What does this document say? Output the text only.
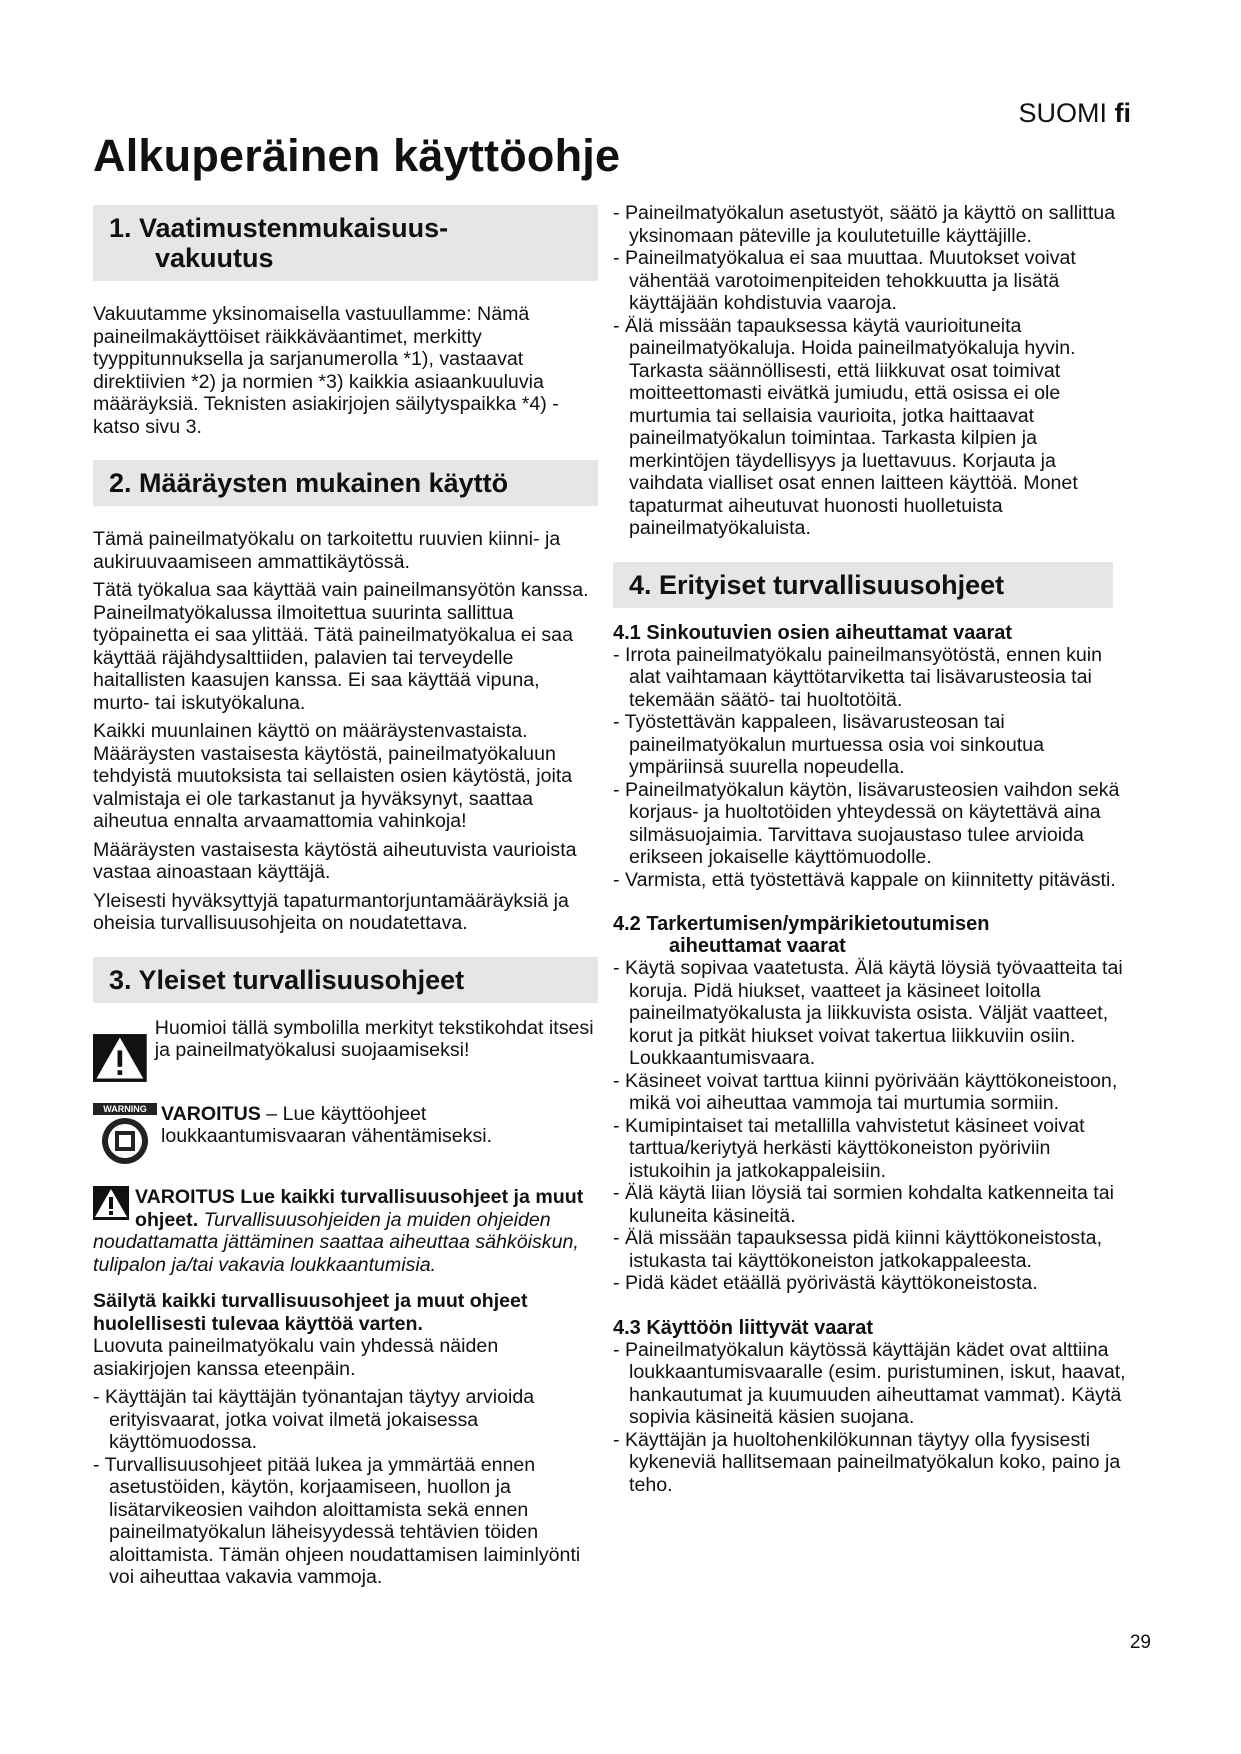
SUOMI fi
Alkuperäinen käyttöohje
1. Vaatimustenmukaisuus-
vakuutus

Vakuutamme yksinomaisella vastuullamme: Nämä paineilmakäyttöiset räikkäväantimet, merkitty tyyppitunnuksella ja sarjanumerolla *1), vastaavat direktiivien *2) ja normien *3) kaikkia asiaankuuluvia määräyksiä. Teknisten asiakirjojen säilytyspaikka *4) - katso sivu 3.

2. Määräysten mukainen käyttö

Tämä paineilmatyökalu on tarkoitettu ruuvien kiinni- ja aukiruuvaamiseen ammattikäytössä.

Tätä työkalua saa käyttää vain paineilmansyötön kanssa. Paineilmatyökalussa ilmoitettua suurinta sallittua työpainetta ei saa ylittää. Tätä paineilmatyökalua ei saa käyttää räjähdysalttiiden, palavien tai terveydelle haitallisten kaasujen kanssa. Ei saa käyttää vipuna, murto- tai iskutyökaluna.

Kaikki muunlainen käyttö on määräystenvastaista. Määräysten vastaisesta käytöstä, paineilmatyökaluun tehdyistä muutoksista tai sellaisten osien käytöstä, joita valmistaja ei ole tarkastanut ja hyväksynyt, saattaa aiheutua ennalta arvaamattomia vahinkoja!

Määräysten vastaisesta käytöstä aiheutuvista vaurioista vastaa ainoastaan käyttäjä.

Yleisesti hyväksyttyjä tapaturmantorjuntamääräyksiä ja oheisia turvallisuusohjeita on noudatettava.

3. Yleiset turvallisuusohjeet

Huomioi tällä symbolilla merkityt tekstikohdat itsesi ja paineilmatyökalusi suojaamiseksi!

WARNING VAROITUS – Lue käyttöohjeet loukkaantumisvaaran vähentämiseksi.

VAROITUS Lue kaikki turvallisuusohjeet ja muut ohjeet. Turvallisuusohjeiden ja muiden ohjeiden noudattamatta jättäminen saattaa aiheuttaa sähköiskun, tulipalon ja/tai vakavia loukkaantumisia.

Säilytä kaikki turvallisuusohjeet ja muut ohjeet huolellisesti tulevaa käyttöä varten.

Luovuta paineilmatyökalu vain yhdessä näiden asiakirjojen kanssa eteenpäin.

- Käyttäjän tai käyttäjän työnantajan täytyy arvioida erityisvaarat, jotka voivat ilmetä jokaisessa käyttömuodossa.

- Turvallisuusohjeet pitää lukea ja ymmärtää ennen asetustöiden, käytön, korjaamiseen, huollon ja lisätarvikeosien vaihdon aloittamista sekä ennen paineilmatyökalun läheisyydessä tehtävien töiden aloittamista. Tämän ohjeen noudattamisen laiminlyönti voi aiheuttaa vakavia vammoja.

- Paineilmatyökalun asetustyöt, säätö ja käyttö on sallittua yksinomaan päteville ja koulutetuille käyttäjille.

- Paineilmatyökalua ei saa muuttaa. Muutokset voivat vähentää varotoimenpiteiden tehokkuutta ja lisätä käyttäjään kohdistuvia vaaroja.

- Älä missään tapauksessa käytä vaurioituneita paineilmatyökaluja. Hoida paineilmatyökaluja hyvin. Tarkasta säännöllisesti, että liikkuvat osat toimivat moitteettomasti eivätkä jumiudu, että osissa ei ole murtumia tai sellaisia vaurioita, jotka haittaavat paineilmatyökalun toimintaa. Tarkasta kilpien ja merkintöjen täydellisyys ja luettavuus. Korjauta ja vaihdata vialliset osat ennen laitteen käyttöä. Monet tapaturmat aiheutuvat huonosti huolletuista paineilmatyökaluista.

4. Erityiset turvallisuusohjeet

4.1 Sinkoutuvien osien aiheuttamat vaarat

- Irrota paineilmatyökalu paineilmansyötöstä, ennen kuin alat vaihtamaan käyttötarviketta tai lisävarusteosia tai tekemään säätö- tai huoltotöitä.

- Työstettävän kappaleen, lisävarusteosan tai paineilmatyökalun murtuessa osia voi sinkoutua ympäriinsä suurella nopeudella.

- Paineilmatyökalun käytön, lisävarusteosien vaihdon sekä korjaus- ja huoltotöiden yhteydessä on käytettävä aina silmäsuojaimia. Tarvittava suojaustaso tulee arvioida erikseen jokaiselle käyttömuodolle.

- Varmista, että työstettävä kappale on kiinnitetty pitävästi.

4.2 Tarkertumisen/ympärikietoutumisen
aiheuttamat vaarat

- Käytä sopivaa vaatetusta. Älä käytä löysiä työvaatteita tai koruja. Pidä hiukset, vaatteet ja käsineet loitolla paineilmatyökalusta ja liikkuvista osista. Väljät vaatteet, korut ja pitkät hiukset voivat takertua liikkuviin osiin. Loukkaantumisvaara.

- Käsineet voivat tarttua kiinni pyörivään käyttökoneistoon, mikä voi aiheuttaa vammoja tai murtumia sormiin.

- Kumipintaiset tai metallilla vahvistetut käsineet voivat tarttua/keriytyä herkästi käyttökoneiston pyöriviin istukoihin ja jatkokappaleisiin.

- Älä käytä liian löysiä tai sormien kohdalta katkenneita tai kuluneita käsineitä.

- Älä missään tapauksessa pidä kiinni käyttökoneistosta, istukasta tai käyttökoneiston jatkokappaleesta.

- Pidä kädet etäällä pyörivästä käyttökoneistosta.

4.3 Käyttöön liittyvät vaarat

- Paineilmatyökalun käytössä käyttäjän kädet ovat alttiina loukkaantumisvaaralle (esim. puristuminen, iskut, haavat, hankautumat ja kuumuuden aiheuttamat vammat). Käytä sopivia käsineitä käsien suojana.

- Käyttäjän ja huoltohenkilökunnan täytyy olla fyysisesti kykeneviä hallitsemaan paineilmatyökalun koko, paino ja teho.

29
